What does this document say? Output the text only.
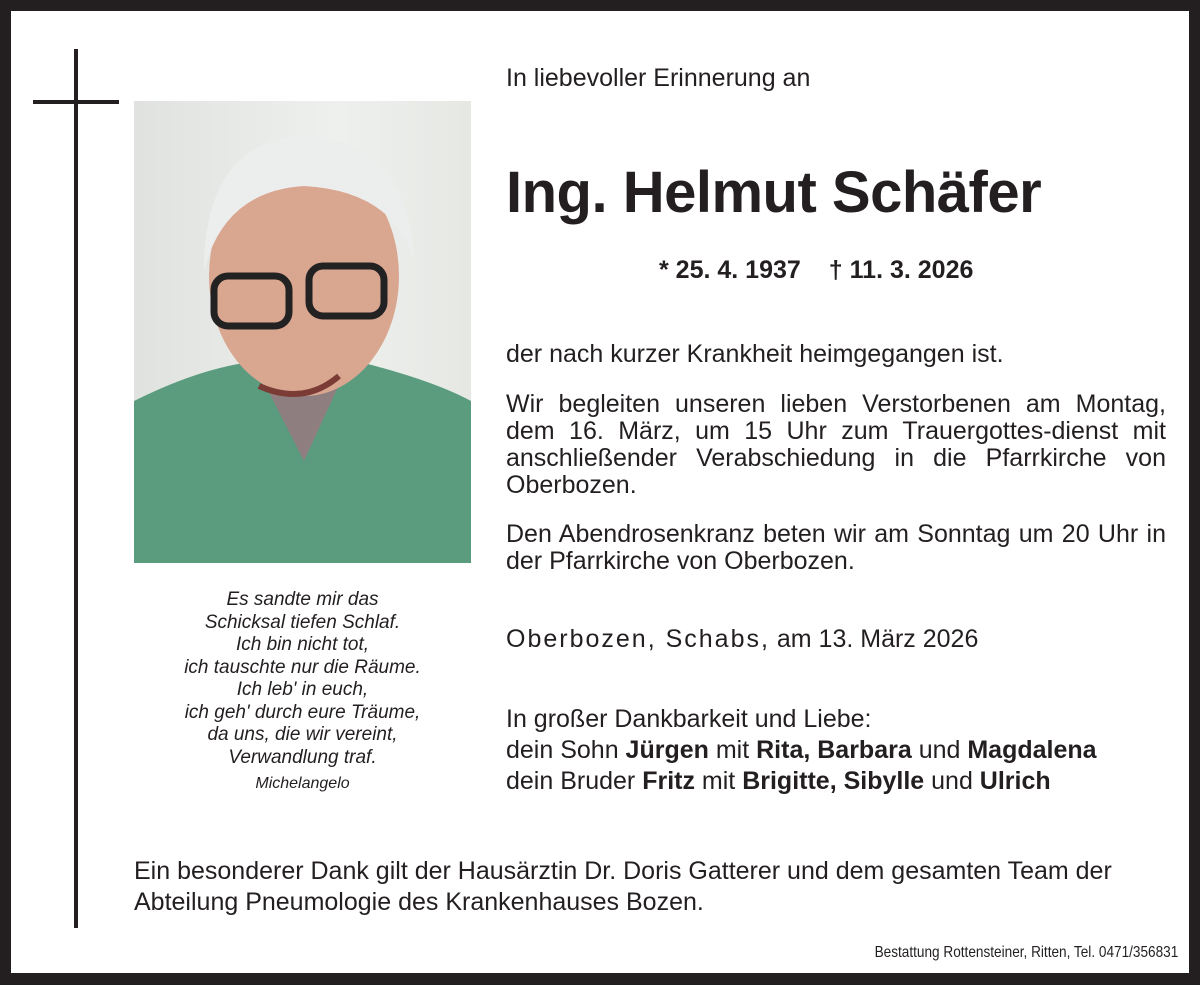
In liebevoller Erinnerung an
Ing. Helmut Schäfer
* 25. 4. 1937 † 11. 3. 2026
der nach kurzer Krankheit heimgegangen ist.
Wir begleiten unseren lieben Verstorbenen am Montag, dem 16. März, um 15 Uhr zum Trauergottes-dienst mit anschließender Verabschiedung in die Pfarrkirche von Oberbozen.
Den Abendrosenkranz beten wir am Sonntag um 20 Uhr in der Pfarrkirche von Oberbozen.
Oberbozen, Schabs, am 13. März 2026
Es sandte mir das
Schicksal tiefen Schlaf.
Ich bin nicht tot,
ich tauschte nur die Räume.
Ich leb' in euch,
ich geh' durch eure Träume,
da uns, die wir vereint,
Verwandlung traf.
Michelangelo
In großer Dankbarkeit und Liebe:
dein Sohn Jürgen mit Rita, Barbara und Magdalena
dein Bruder Fritz mit Brigitte, Sibylle und Ulrich
Ein besonderer Dank gilt der Hausärztin Dr. Doris Gatterer und dem gesamten Team der Abteilung Pneumologie des Krankenhauses Bozen.
Bestattung Rottensteiner, Ritten, Tel. 0471/356831
